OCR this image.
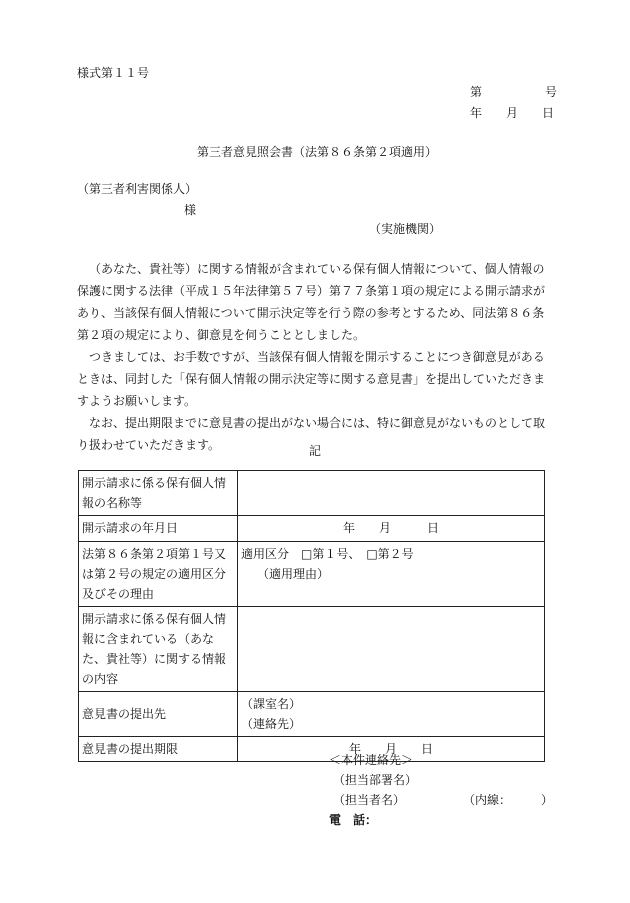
様式第１１号
第　　　　　号
年　　月　　日
第三者意見照会書（法第８６条第２項適用）
（第三者利害関係人）
様
（実施機関）

（あなた、貴社等）に関する情報が含まれている保有個人情報について、個人情報の保護に関する法律（平成１５年法律第５７号）第７７条第１項の規定による開示請求があり、当該保有個人情報について開示決定等を行う際の参考とするため、同法第８６条第２項の規定により、御意見を伺うこととしました。

つきましては、お手数ですが、当該保有個人情報を開示することにつき御意見があるときは、同封した「保有個人情報の開示決定等に関する意見書」を提出していただきますようお願いします。

なお、提出期限までに意見書の提出がない場合には、特に御意見がないものとして取り扱わせていただきます。	記
開示請求に係る保有個人情報の名称等	
開示請求の年月日	年　　月　　　日
法第８６条第２項第１号又は第２号の規定の適用区分及びその理由	適用区分　□第１号、　□第２号
（適用理由）

開示請求に係る保有個人情報に含まれている（あなた、貴社等）に関する情報の内容	
意見書の提出先	（課室名）
（連絡先）

意見書の提出期限	年　　月　　日
＜本件連絡先＞
（担当部署名）
（担当者名）	（内線：　　　）
電　話：
